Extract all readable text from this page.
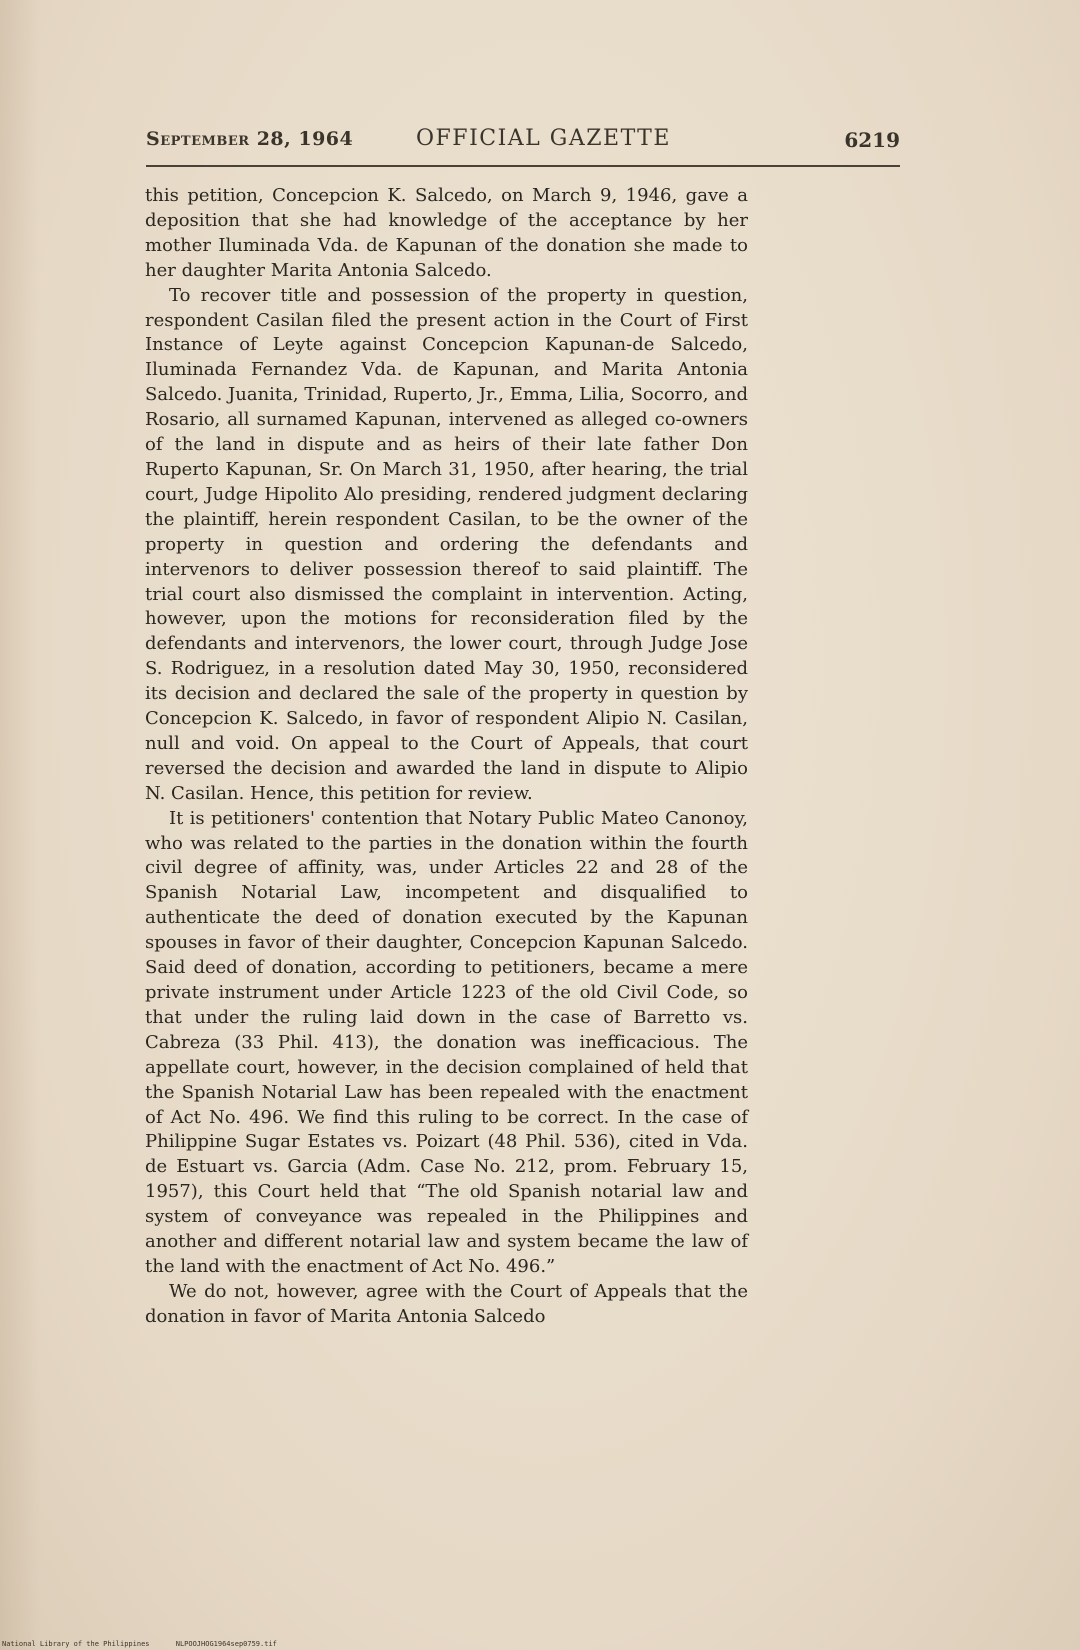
September 28, 1964	OFFICIAL GAZETTE	6219

this petition, Concepcion K. Salcedo, on March 9, 1946, gave a deposition that she had knowledge of the acceptance by her mother Iluminada Vda. de Kapunan of the donation she made to her daughter Marita Antonia Salcedo.

To recover title and possession of the property in question, respondent Casilan filed the present action in the Court of First Instance of Leyte against Concepcion Kapunan-de Salcedo, Iluminada Fernandez Vda. de Kapunan, and Marita Antonia Salcedo. Juanita, Trinidad, Ruperto, Jr., Emma, Lilia, Socorro, and Rosario, all surnamed Kapunan, intervened as alleged co-owners of the land in dispute and as heirs of their late father Don Ruperto Kapunan, Sr. On March 31, 1950, after hearing, the trial court, Judge Hipolito Alo presiding, rendered judgment declaring the plaintiff, herein respondent Casilan, to be the owner of the property in question and ordering the defendants and intervenors to deliver possession thereof to said plaintiff. The trial court also dismissed the complaint in intervention. Acting, however, upon the motions for reconsideration filed by the defendants and intervenors, the lower court, through Judge Jose S. Rodriguez, in a resolution dated May 30, 1950, reconsidered its decision and declared the sale of the property in question by Concepcion K. Salcedo, in favor of respondent Alipio N. Casilan, null and void. On appeal to the Court of Appeals, that court reversed the decision and awarded the land in dispute to Alipio N. Casilan. Hence, this petition for review.

It is petitioners' contention that Notary Public Mateo Canonoy, who was related to the parties in the donation within the fourth civil degree of affinity, was, under Articles 22 and 28 of the Spanish Notarial Law, incompetent and disqualified to authenticate the deed of donation executed by the Kapunan spouses in favor of their daughter, Concepcion Kapunan Salcedo. Said deed of donation, according to petitioners, became a mere private instrument under Article 1223 of the old Civil Code, so that under the ruling laid down in the case of Barretto vs. Cabreza (33 Phil. 413), the donation was inefficacious. The appellate court, however, in the decision complained of held that the Spanish Notarial Law has been repealed with the enactment of Act No. 496. We find this ruling to be correct. In the case of Philippine Sugar Estates vs. Poizart (48 Phil. 536), cited in Vda. de Estuart vs. Garcia (Adm. Case No. 212, prom. February 15, 1957), this Court held that “The old Spanish notarial law and system of conveyance was repealed in the Philippines and another and different notarial law and system became the law of the land with the enactment of Act No. 496.”

We do not, however, agree with the Court of Appeals that the donation in favor of Marita Antonia Salcedo

National Library of the Philippines	NLPOOJHOG1964sep0759.tif
